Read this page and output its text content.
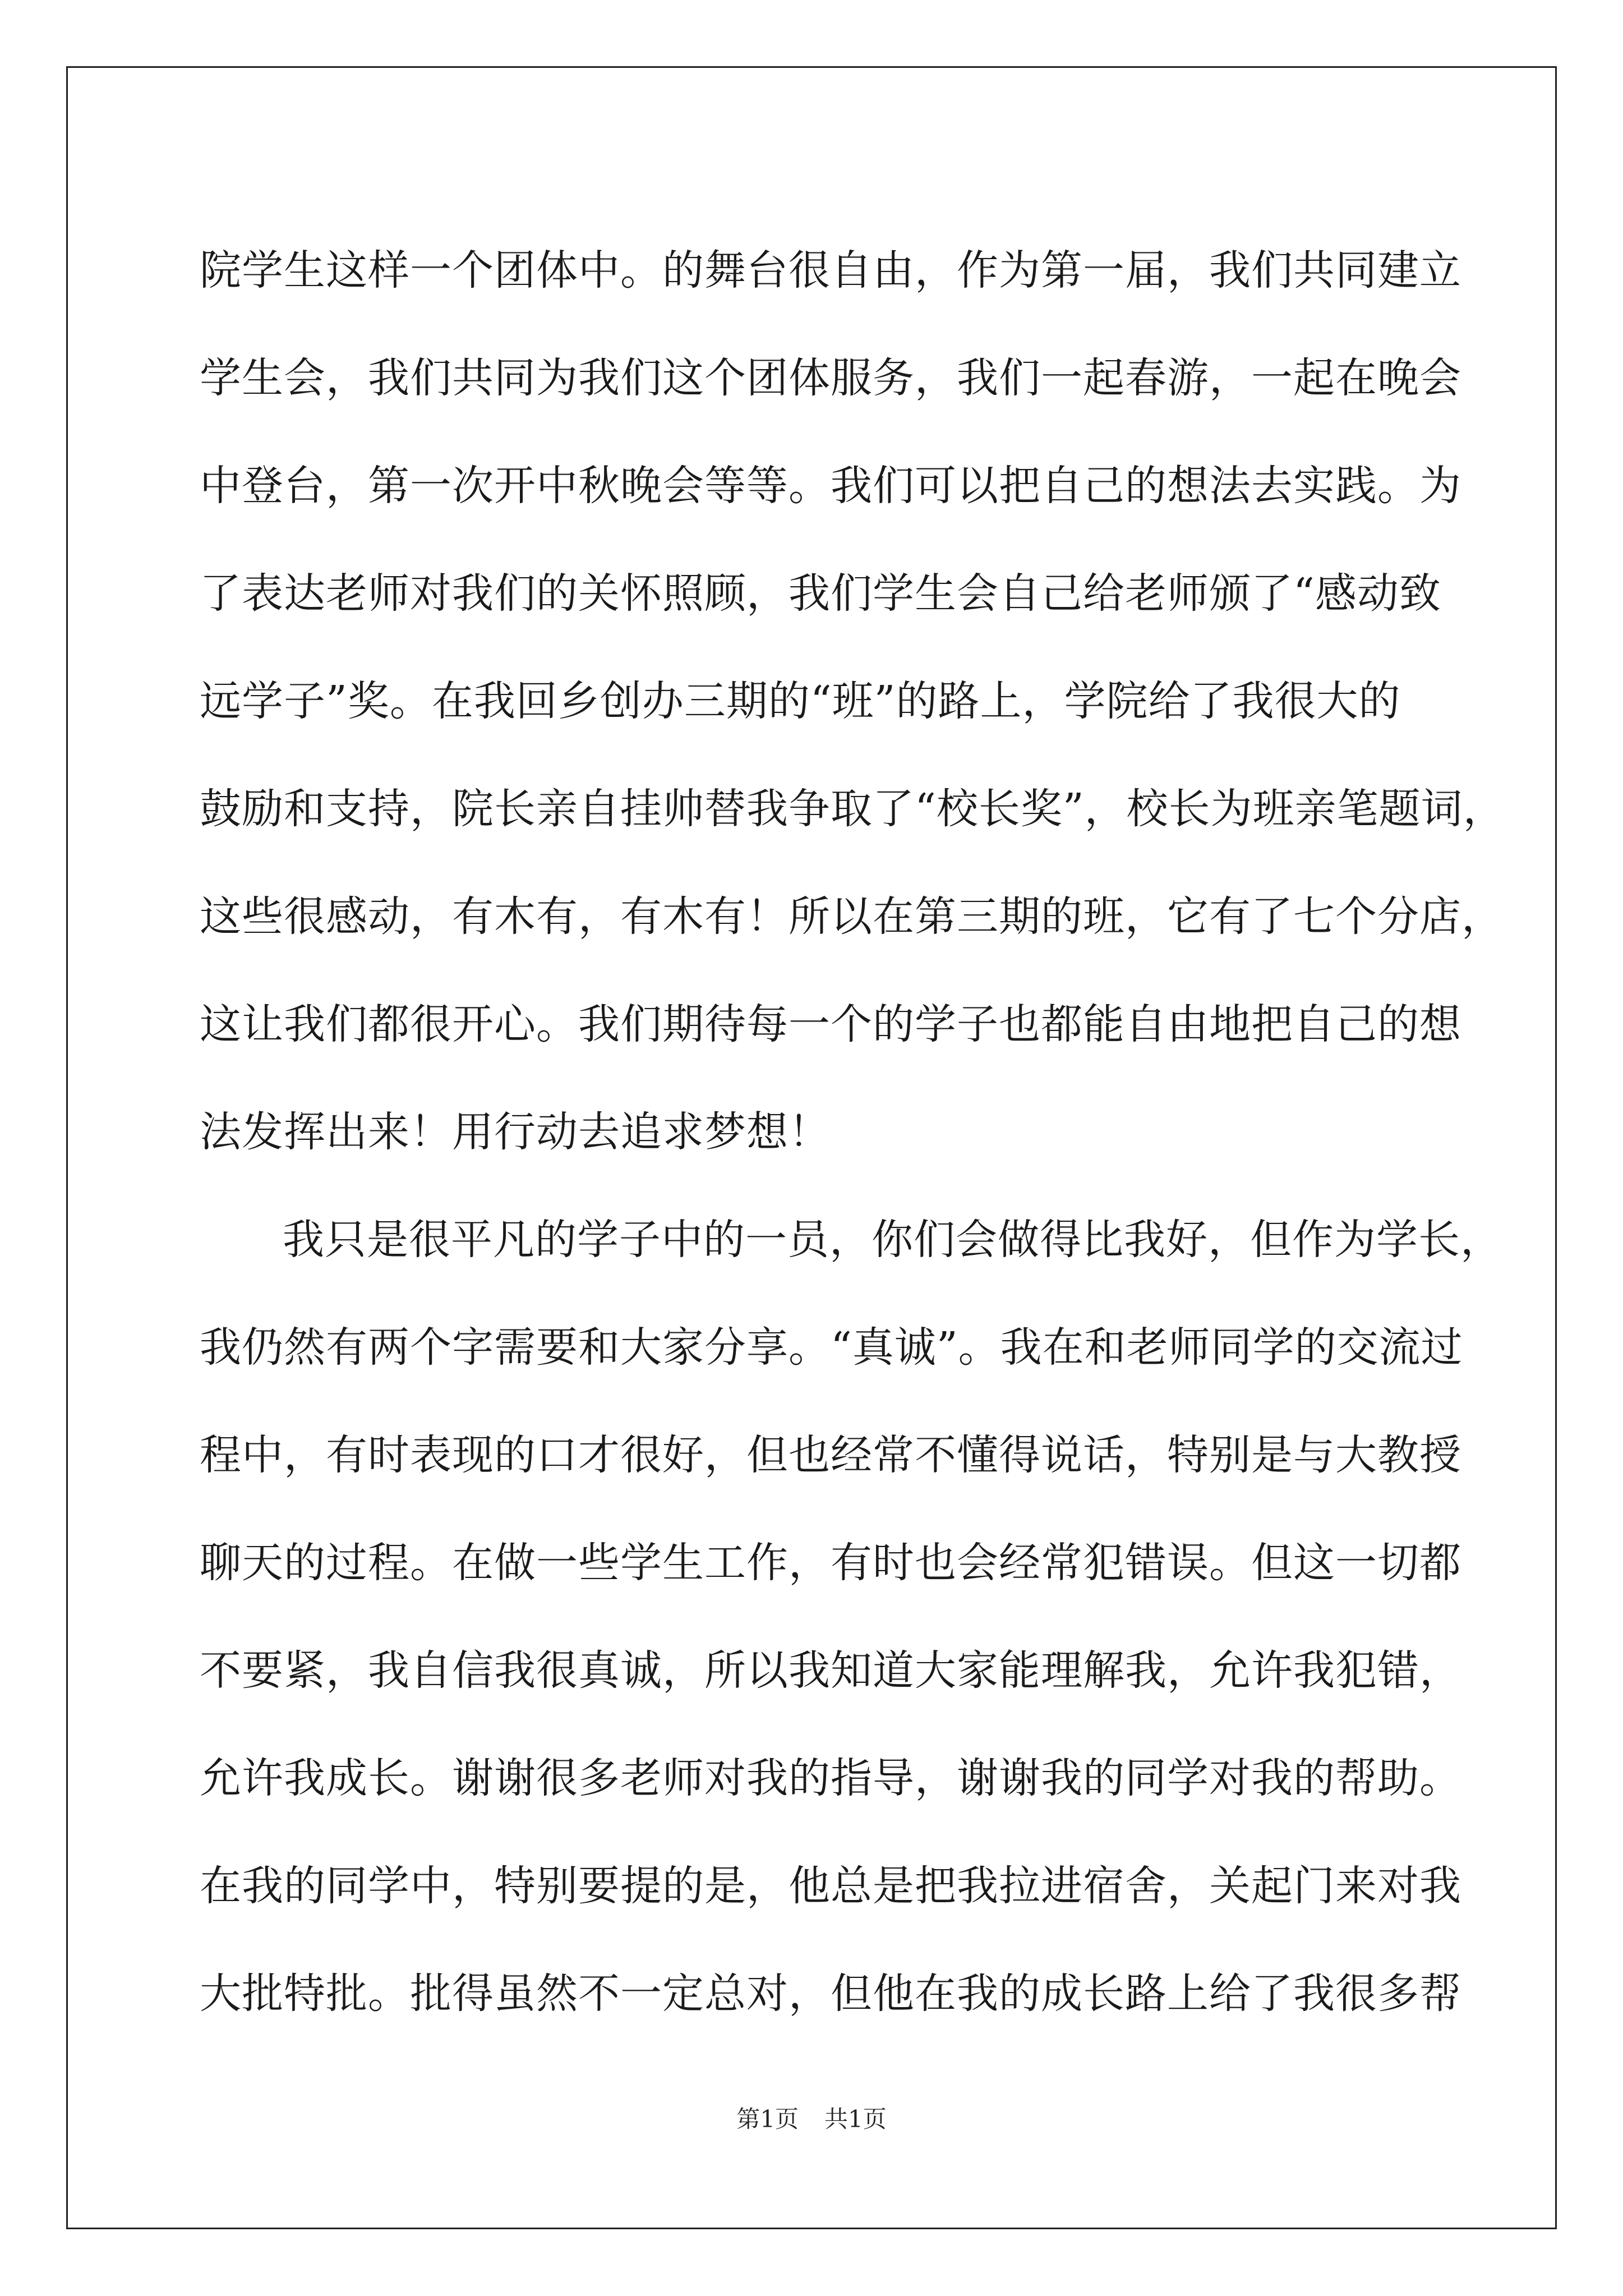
院学生这样一个团体中。的舞台很自由，作为第一届，我们共同建立
学生会，我们共同为我们这个团体服务，我们一起春游，一起在晚会
中登台，第一次开中秋晚会等等。我们可以把自己的想法去实践。为
了表达老师对我们的关怀照顾，我们学生会自己给老师颁了“感动致
远学子”奖。在我回乡创办三期的“班”的路上，学院给了我很大的
鼓励和支持，院长亲自挂帅替我争取了“校长奖”，校长为班亲笔题词，
这些很感动，有木有，有木有！所以在第三期的班，它有了七个分店，
这让我们都很开心。我们期待每一个的学子也都能自由地把自己的想
法发挥出来！用行动去追求梦想！
我只是很平凡的学子中的一员，你们会做得比我好，但作为学长，
我仍然有两个字需要和大家分享。“真诚”。我在和老师同学的交流过
程中，有时表现的口才很好，但也经常不懂得说话，特别是与大教授
聊天的过程。在做一些学生工作，有时也会经常犯错误。但这一切都
不要紧，我自信我很真诚，所以我知道大家能理解我，允许我犯错，
允许我成长。谢谢很多老师对我的指导，谢谢我的同学对我的帮助。
在我的同学中，特别要提的是，他总是把我拉进宿舍，关起门来对我
大批特批。批得虽然不一定总对，但他在我的成长路上给了我很多帮
第1页 共1页
